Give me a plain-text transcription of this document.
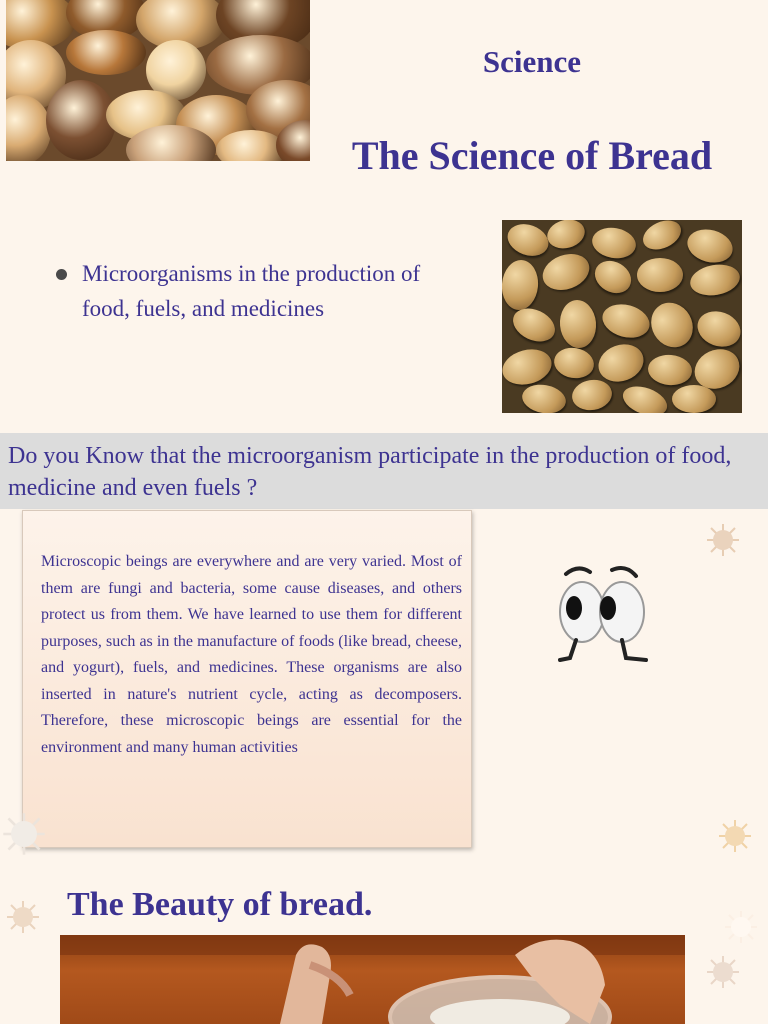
Science
The Science of Bread
Microorganisms in the production of food, fuels, and medicines
Do you Know that the microorganism participate in the production of food, medicine and even fuels ?
Microscopic beings are everywhere and are very varied. Most of them are fungi and bacteria, some cause diseases, and others protect us from them. We have learned to use them for different purposes, such as in the manufacture of foods (like bread, cheese, and yogurt), fuels, and medicines. These organisms are also inserted in nature's nutrient cycle, acting as decomposers. Therefore, these microscopic beings are essential for the environment and many human activities
The Beauty of bread.
